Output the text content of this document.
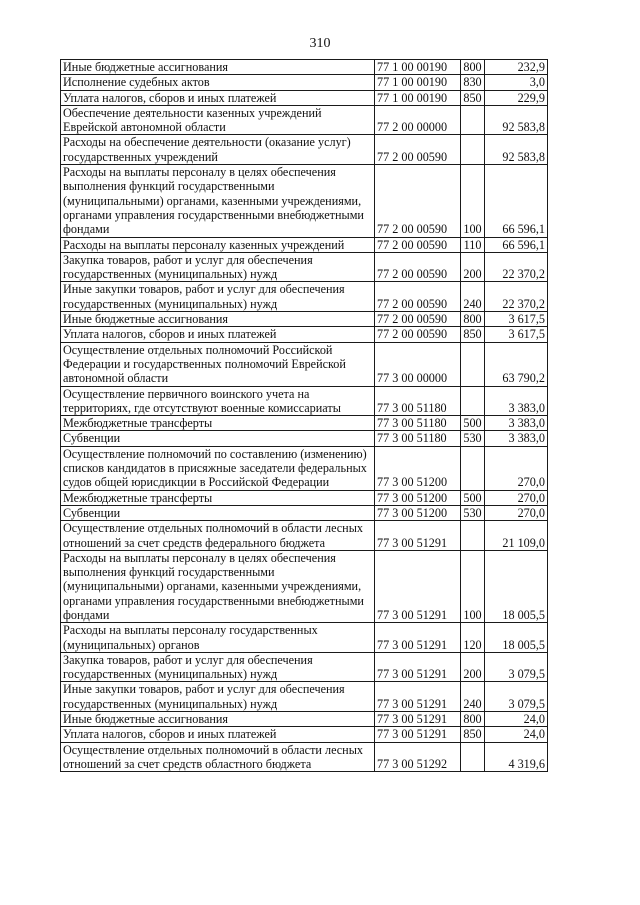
310
Иные бюджетные ассигнования	77 1 00 00190	800	232,9
Исполнение судебных актов	77 1 00 00190	830	3,0
Уплата налогов, сборов и иных платежей	77 1 00 00190	850	229,9
Обеспечение деятельности казенных учреждений Еврейской автономной области	77 2 00 00000		92 583,8
Расходы на обеспечение деятельности (оказание услуг) государственных учреждений	77 2 00 00590		92 583,8
Расходы на выплаты персоналу в целях обеспечения выполнения функций государственными (муниципальными) органами, казенными учреждениями, органами управления государственными внебюджетными фондами	77 2 00 00590	100	66 596,1
Расходы на выплаты персоналу казенных учреждений	77 2 00 00590	110	66 596,1
Закупка товаров, работ и услуг для обеспечения государственных (муниципальных) нужд	77 2 00 00590	200	22 370,2
Иные закупки товаров, работ и услуг для обеспечения государственных (муниципальных) нужд	77 2 00 00590	240	22 370,2
Иные бюджетные ассигнования	77 2 00 00590	800	3 617,5
Уплата налогов, сборов и иных платежей	77 2 00 00590	850	3 617,5
Осуществление отдельных полномочий Российской Федерации и государственных полномочий Еврейской автономной области	77 3 00 00000		63 790,2
Осуществление первичного воинского учета на территориях, где отсутствуют военные комиссариаты	77 3 00 51180		3 383,0
Межбюджетные трансферты	77 3 00 51180	500	3 383,0
Субвенции	77 3 00 51180	530	3 383,0
Осуществление полномочий по составлению (изменению) списков кандидатов в присяжные заседатели федеральных судов общей юрисдикции в Российской Федерации	77 3 00 51200		270,0
Межбюджетные трансферты	77 3 00 51200	500	270,0
Субвенции	77 3 00 51200	530	270,0
Осуществление отдельных полномочий в области лесных отношений за счет средств федерального бюджета	77 3 00 51291		21 109,0
Расходы на выплаты персоналу в целях обеспечения выполнения функций государственными (муниципальными) органами, казенными учреждениями, органами управления государственными внебюджетными фондами	77 3 00 51291	100	18 005,5
Расходы на выплаты персоналу государственных (муниципальных) органов	77 3 00 51291	120	18 005,5
Закупка товаров, работ и услуг для обеспечения государственных (муниципальных) нужд	77 3 00 51291	200	3 079,5
Иные закупки товаров, работ и услуг для обеспечения государственных (муниципальных) нужд	77 3 00 51291	240	3 079,5
Иные бюджетные ассигнования	77 3 00 51291	800	24,0
Уплата налогов, сборов и иных платежей	77 3 00 51291	850	24,0
Осуществление отдельных полномочий в области лесных отношений за счет средств областного бюджета	77 3 00 51292		4 319,6
